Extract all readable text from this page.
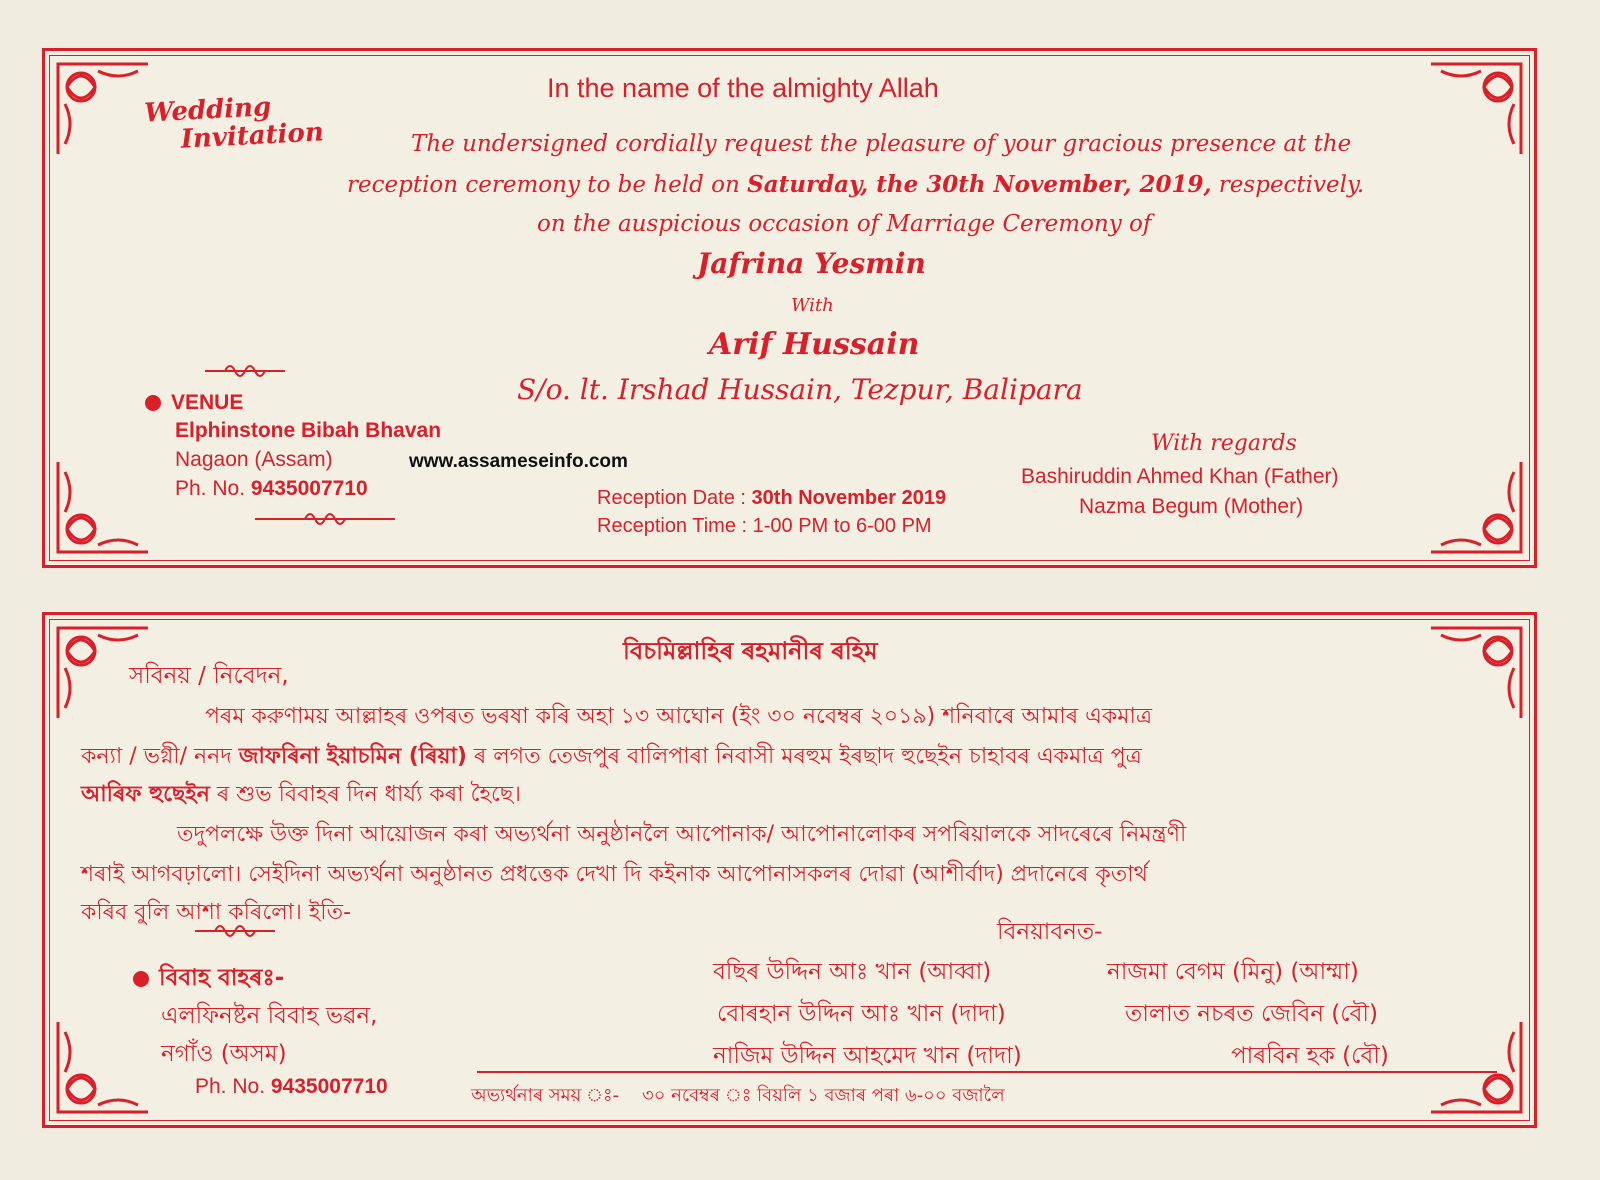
Wedding
Invitation
In the name of the almighty Allah
The undersigned cordially request the pleasure of your gracious presence at the
reception ceremony to be held on Saturday, the 30th November, 2019, respectively.
on the auspicious occasion of Marriage Ceremony of
Jafrina Yesmin
With
Arif Hussain
S/o. lt. Irshad Hussain, Tezpur, Balipara
VENUE
Elphinstone Bibah Bhavan
Nagaon (Assam)
Ph. No. 9435007710
www.assameseinfo.com
Reception Date : 30th November 2019
Reception Time : 1-00 PM to 6-00 PM
With regards
Bashiruddin Ahmed Khan (Father)
Nazma Begum (Mother)
বিচমিল্লাহিৰ ৰহমানীৰ ৰহিম
সবিনয় / নিবেদন,
পৰম করুণাময় আল্লাহৰ ওপৰত ভৰষা কৰি অহা ১৩ আঘোন (ইং ৩০ নবেম্বৰ ২০১৯) শনিবাৰে আমাৰ একমাত্ৰ
কন্যা / ভগ্নী/ ননদ জাফৰিনা ইয়াচমিন (ৰিয়া) ৰ লগত তেজপুৰ বালিপাৰা নিবাসী মৰহুম ইৰছাদ হুছেইন চাহাবৰ একমাত্ৰ পুত্ৰ
আৰিফ হুছেইন ৰ শুভ বিবাহৰ দিন ধাৰ্য্য কৰা হৈছে।
তদুপলক্ষে উক্ত দিনা আয়োজন কৰা অভ্যৰ্থনা অনুষ্ঠানলৈ আপোনাক/ আপোনালোকৰ সপৰিয়ালকে সাদৰেৰে নিমন্ত্ৰণী
শৰাই আগবঢ়ালো। সেইদিনা অভ্যৰ্থনা অনুষ্ঠানত প্ৰধত্তেক দেখা দি কইনাক আপোনাসকলৰ দোৱা (আশীৰ্বাদ) প্ৰদানেৰে কৃতাৰ্থ
কৰিব বুলি আশা কৰিলো। ইতি-
বিনয়াবনত-
বছিৰ উদ্দিন আঃ খান (আব্বা)	নাজমা বেগম (মিনু) (আম্মা)
বোৰহান উদ্দিন আঃ খান (দাদা)	তালাত নচৰত জেবিন (বৌ)
নাজিম উদ্দিন আহমেদ খান (দাদা)	পাৰবিন হক (বৌ)
বিবাহ বাহৰঃ-
এলফিনষ্টন বিবাহ ভৱন,
নগাঁও (অসম)
Ph. No. 9435007710	অভ্যৰ্থনাৰ সময় ঃ- ৩০ নবেম্বৰ ঃ বিয়লি ১ বজাৰ পৰা ৬-০০ বজালৈ
